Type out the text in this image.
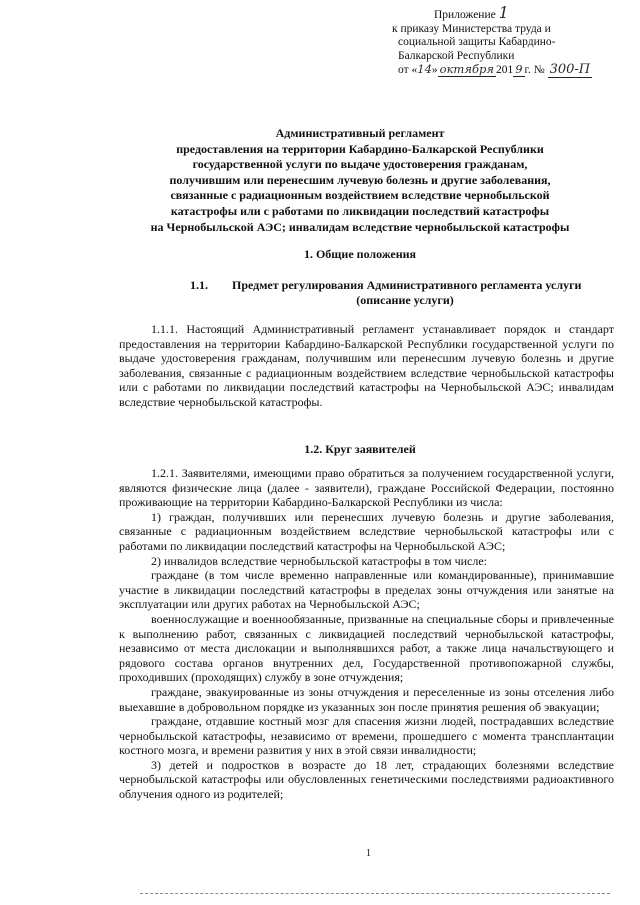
Приложение 1
к приказу Министерства труда и
социальной защиты Кабардино-
Балкарской Республики
от «14» октября 201 9 г. № 300-П
Административный регламент
предоставления на территории Кабардино-Балкарской Республики
государственной услуги по выдаче удостоверения гражданам,
получившим или перенесшим лучевую болезнь и другие заболевания,
связанные с радиационным воздействием вследствие чернобыльской
катастрофы или с работами по ликвидации последствий катастрофы
на Чернобыльской АЭС; инвалидам вследствие чернобыльской катастрофы
1. Общие положения
1.1. Предмет регулирования Административного регламента услуги
(описание услуги)

1.1.1. Настоящий Административный регламент устанавливает порядок и стандарт предоставления на территории Кабардино-Балкарской Республики государственной услуги по выдаче удостоверения гражданам, получившим или перенесшим лучевую болезнь и другие заболевания, связанные с радиационным воздействием вследствие чернобыльской катастрофы или с работами по ликвидации последствий катастрофы на Чернобыльской АЭС; инвалидам вследствие чернобыльской катастрофы.

1.2. Круг заявителей

1.2.1. Заявителями, имеющими право обратиться за получением государственной услуги, являются физические лица (далее - заявители), граждане Российской Федерации, постоянно проживающие на территории Кабардино-Балкарской Республики из числа:

1) граждан, получивших или перенесших лучевую болезнь и другие заболевания, связанные с радиационным воздействием вследствие чернобыльской катастрофы или с работами по ликвидации последствий катастрофы на Чернобыльской АЭС;

2) инвалидов вследствие чернобыльской катастрофы в том числе:

граждане (в том числе временно направленные или командированные), принимавшие участие в ликвидации последствий катастрофы в пределах зоны отчуждения или занятые на эксплуатации или других работах на Чернобыльской АЭС;

военнослужащие и военнообязанные, призванные на специальные сборы и привлеченные к выполнению работ, связанных с ликвидацией последствий чернобыльской катастрофы, независимо от места дислокации и выполнявшихся работ, а также лица начальствующего и рядового состава органов внутренних дел, Государственной противопожарной службы, проходивших (проходящих) службу в зоне отчуждения;

граждане, эвакуированные из зоны отчуждения и переселенные из зоны отселения либо выехавшие в добровольном порядке из указанных зон после принятия решения об эвакуации;

граждане, отдавшие костный мозг для спасения жизни людей, пострадавших вследствие чернобыльской катастрофы, независимо от времени, прошедшего с момента трансплантации костного мозга, и времени развития у них в этой связи инвалидности;

3) детей и подростков в возрасте до 18 лет, страдающих болезнями вследствие чернобыльской катастрофы или обусловленных генетическими последствиями радиоактивного облучения одного из родителей;

1
